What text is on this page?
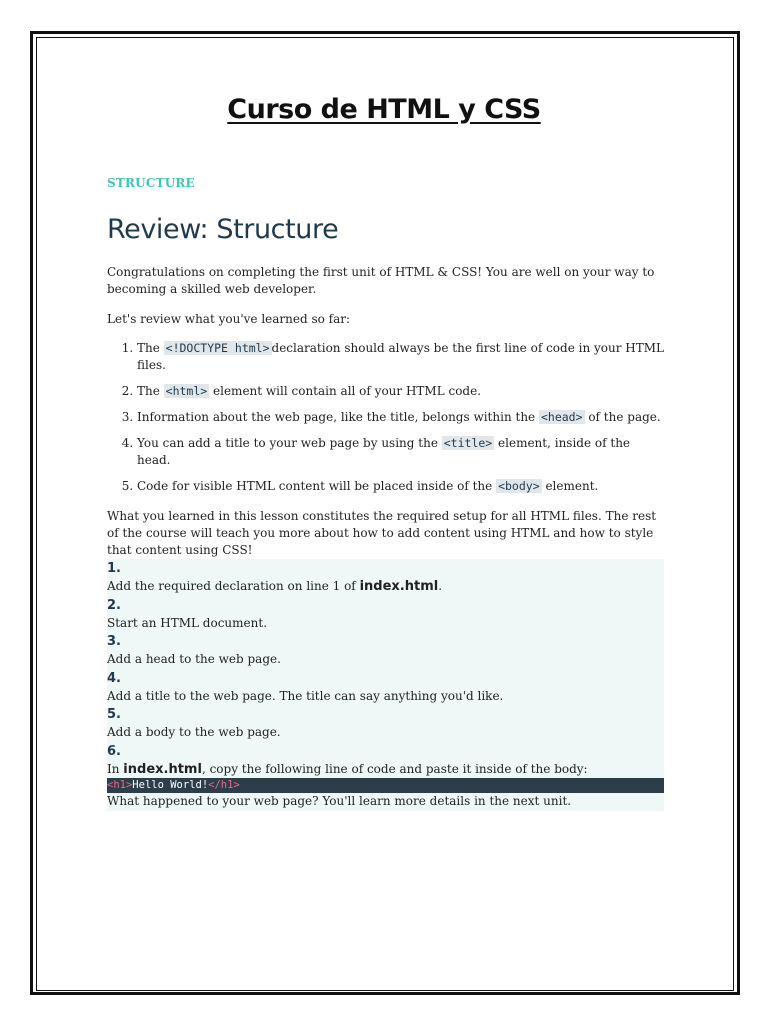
Curso de HTML y CSS
STRUCTURE
Review: Structure

Congratulations on completing the first unit of HTML & CSS! You are well on your way to becoming a skilled web developer.

Let's review what you've learned so far:

1. The <!DOCTYPE html> declaration should always be the first line of code in your HTML files.
2. The <html> element will contain all of your HTML code.
3. Information about the web page, like the title, belongs within the <head> of the page.
4. You can add a title to your web page by using the <title> element, inside of the head.
5. Code for visible HTML content will be placed inside of the <body> element.

What you learned in this lesson constitutes the required setup for all HTML files. The rest of the course will teach you more about how to add content using HTML and how to style that content using CSS!

1.
Add the required declaration on line 1 of index.html.
2.
Start an HTML document.
3.
Add a head to the web page.
4.
Add a title to the web page. The title can say anything you'd like.
5.
Add a body to the web page.
6.
In index.html, copy the following line of code and paste it inside of the body:
<h1>Hello World!</h1>
What happened to your web page? You'll learn more details in the next unit.
